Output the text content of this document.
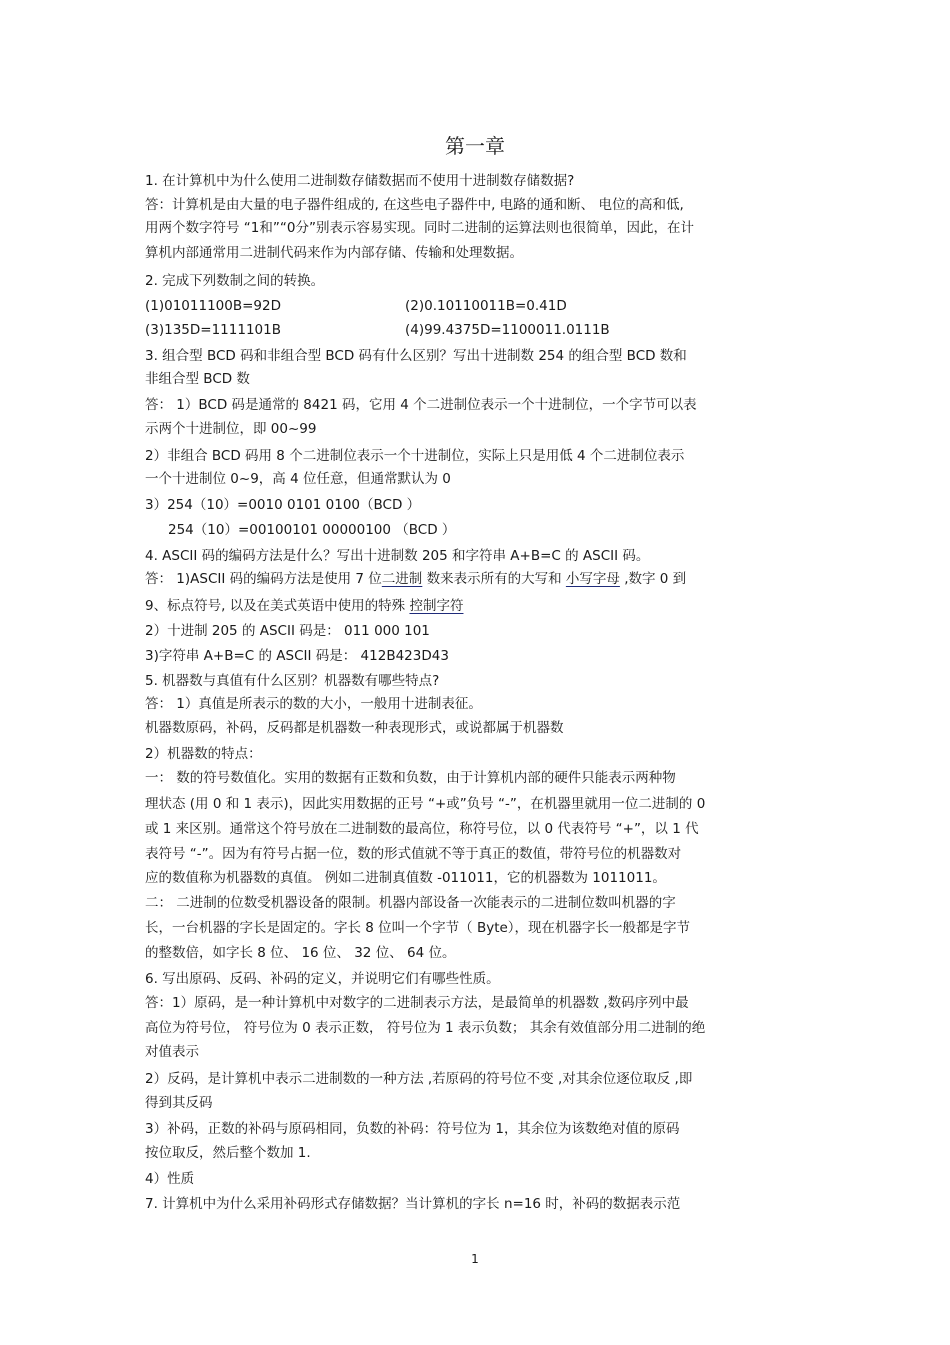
第一章
1. 在计算机中为什么使用二进制数存储数据而不使用十进制数存储数据?
答：计算机是由大量的电子器件组成的, 在这些电子器件中, 电路的通和断、 电位的高和低,
用两个数字符号 “1和”“0分”别表示容易实现。同时二进制的运算法则也很简单，因此，在计
算机内部通常用二进制代码来作为内部存储、传输和处理数据。
2. 完成下列数制之间的转换。
(1)01011100B=92D	(2)0.10110011B=0.41D
(3)135D=1111101B	(4)99.4375D=1100011.0111B
3. 组合型 BCD 码和非组合型 BCD 码有什么区别？写出十进制数 254 的组合型 BCD 数和
非组合型 BCD 数
答： 1）BCD 码是通常的 8421 码，它用 4 个二进制位表示一个十进制位，一个字节可以表
示两个十进制位，即 00~99
2）非组合 BCD 码用 8 个二进制位表示一个十进制位，实际上只是用低 4 个二进制位表示
一个十进制位 0~9，高 4 位任意，但通常默认为 0
3）254（10）=0010 0101 0100（BCD ）
254（10）=00100101 00000100 （BCD ）
4. ASCII 码的编码方法是什么？写出十进制数 205 和字符串 A+B=C 的 ASCII 码。
答： 1)ASCII 码的编码方法是使用 7 位二进制 数来表示所有的大写和 小写字母 ,数字 0 到
9、标点符号, 以及在美式英语中使用的特殊 控制字符
2）十进制 205 的 ASCII 码是： 011 000 101
3)字符串 A+B=C 的 ASCII 码是： 412B423D43
5. 机器数与真值有什么区别？机器数有哪些特点?
答： 1）真值是所表示的数的大小，一般用十进制表征。
机器数原码，补码，反码都是机器数一种表现形式，或说都属于机器数
2）机器数的特点：
一： 数的符号数值化。实用的数据有正数和负数，由于计算机内部的硬件只能表示两种物
理状态 (用 0 和 1 表示)，因此实用数据的正号 “+或”负号 “-”，在机器里就用一位二进制的 0
或 1 来区别。通常这个符号放在二进制数的最高位，称符号位，以 0 代表符号 “+”，以 1 代
表符号 “-”。因为有符号占据一位，数的形式值就不等于真正的数值，带符号位的机器数对
应的数值称为机器数的真值。 例如二进制真值数 -011011，它的机器数为 1011011。
二： 二进制的位数受机器设备的限制。机器内部设备一次能表示的二进制位数叫机器的字
长，一台机器的字长是固定的。字长 8 位叫一个字节（ Byte），现在机器字长一般都是字节
的整数倍，如字长 8 位、 16 位、 32 位、 64 位。
6. 写出原码、反码、补码的定义，并说明它们有哪些性质。
答：1）原码，是一种计算机中对数字的二进制表示方法，是最简单的机器数 ,数码序列中最
高位为符号位， 符号位为 0 表示正数， 符号位为 1 表示负数； 其余有效值部分用二进制的绝
对值表示
2）反码，是计算机中表示二进制数的一种方法 ,若原码的符号位不变 ,对其余位逐位取反 ,即
得到其反码
3）补码，正数的补码与原码相同，负数的补码：符号位为 1，其余位为该数绝对值的原码
按位取反，然后整个数加 1.
4）性质
7. 计算机中为什么采用补码形式存储数据？当计算机的字长 n=16 时，补码的数据表示范
1
